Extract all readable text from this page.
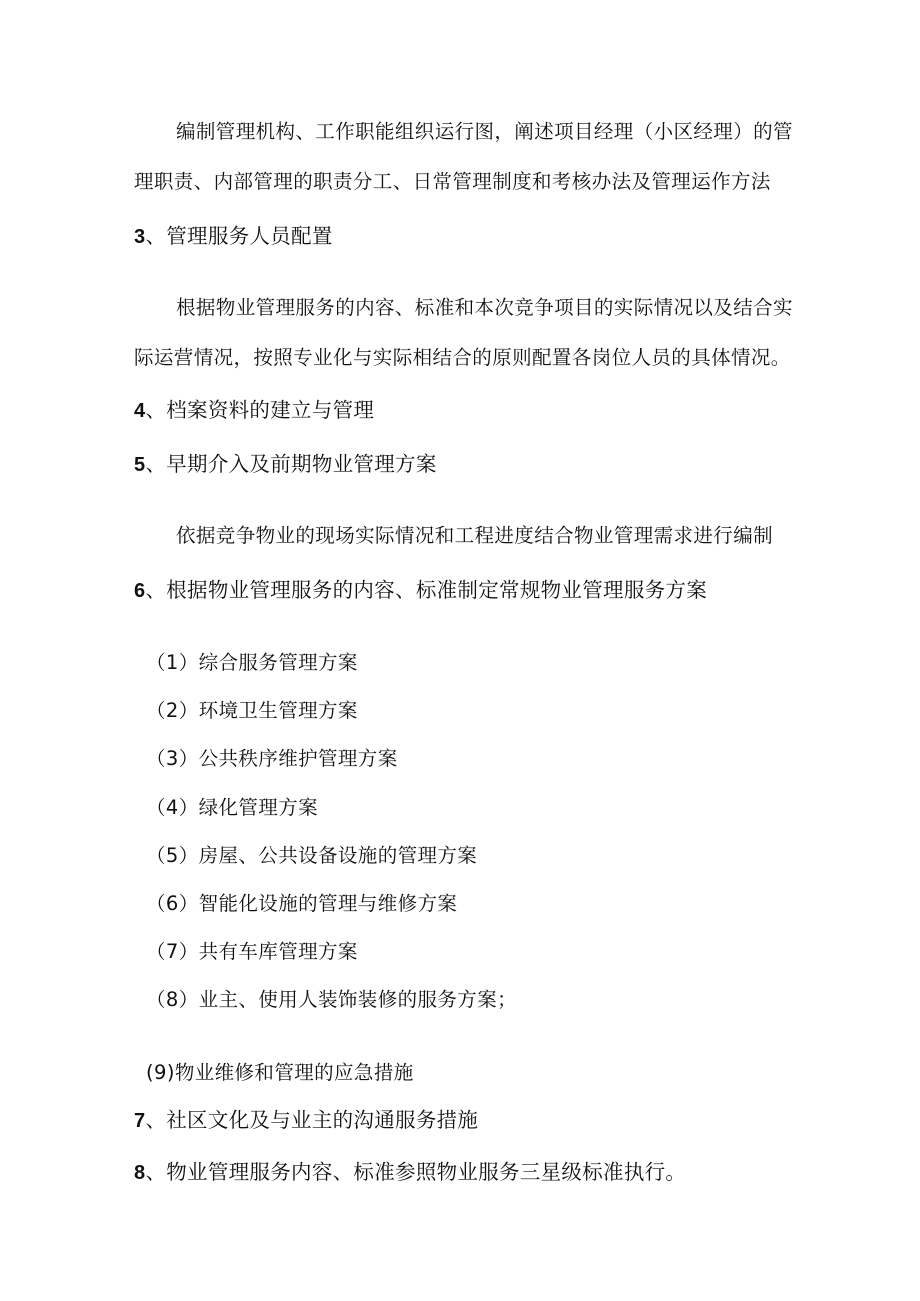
编制管理机构、工作职能组织运行图，阐述项目经理（小区经理）的管
理职责、内部管理的职责分工、日常管理制度和考核办法及管理运作方法
3、管理服务人员配置
根据物业管理服务的内容、标准和本次竞争项目的实际情况以及结合实
际运营情况，按照专业化与实际相结合的原则配置各岗位人员的具体情况。
4、档案资料的建立与管理
5、早期介入及前期物业管理方案
依据竞争物业的现场实际情况和工程进度结合物业管理需求进行编制
6、根据物业管理服务的内容、标准制定常规物业管理服务方案
（1）综合服务管理方案
（2）环境卫生管理方案
（3）公共秩序维护管理方案
（4）绿化管理方案
（5）房屋、公共设备设施的管理方案
（6）智能化设施的管理与维修方案
（7）共有车库管理方案
（8）业主、使用人装饰装修的服务方案；
(9)物业维修和管理的应急措施
7、社区文化及与业主的沟通服务措施
8、物业管理服务内容、标准参照物业服务三星级标准执行。
